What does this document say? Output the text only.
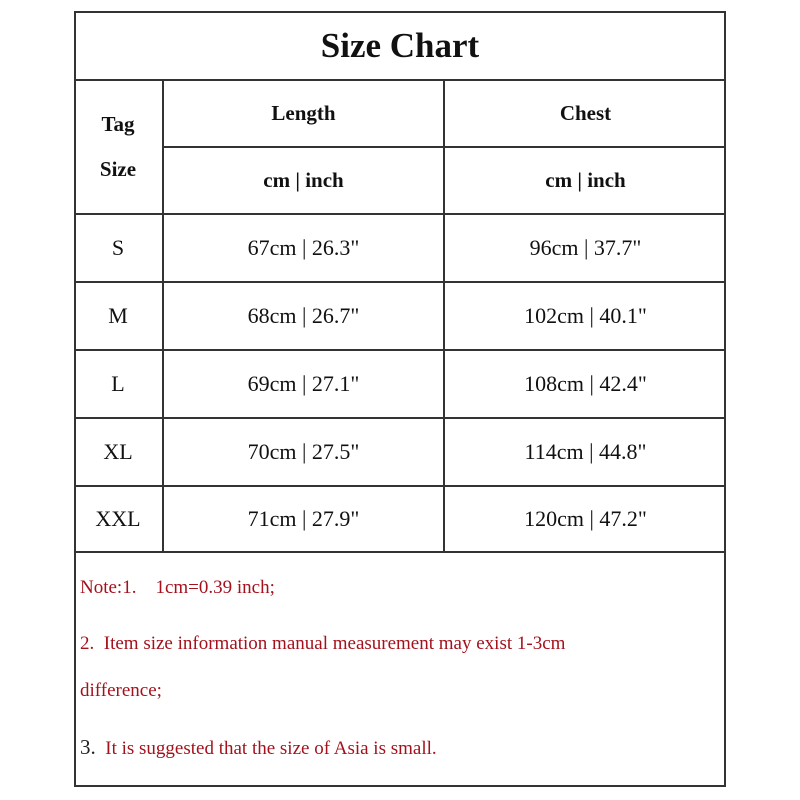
Size Chart
Tag
Size
Length	Chest
cm | inch	cm | inch
S	67cm | 26.3"	96cm | 37.7"
M	68cm | 26.7"	102cm | 40.1"
L	69cm | 27.1"	108cm | 42.4"
XL	70cm | 27.5"	114cm | 44.8"
XXL	71cm | 27.9"	120cm | 47.2"
Note:1.    1cm=0.39 inch;
2.  Item size information manual measurement may exist 1-3cm
difference;
3.  It is suggested that the size of Asia is small.
